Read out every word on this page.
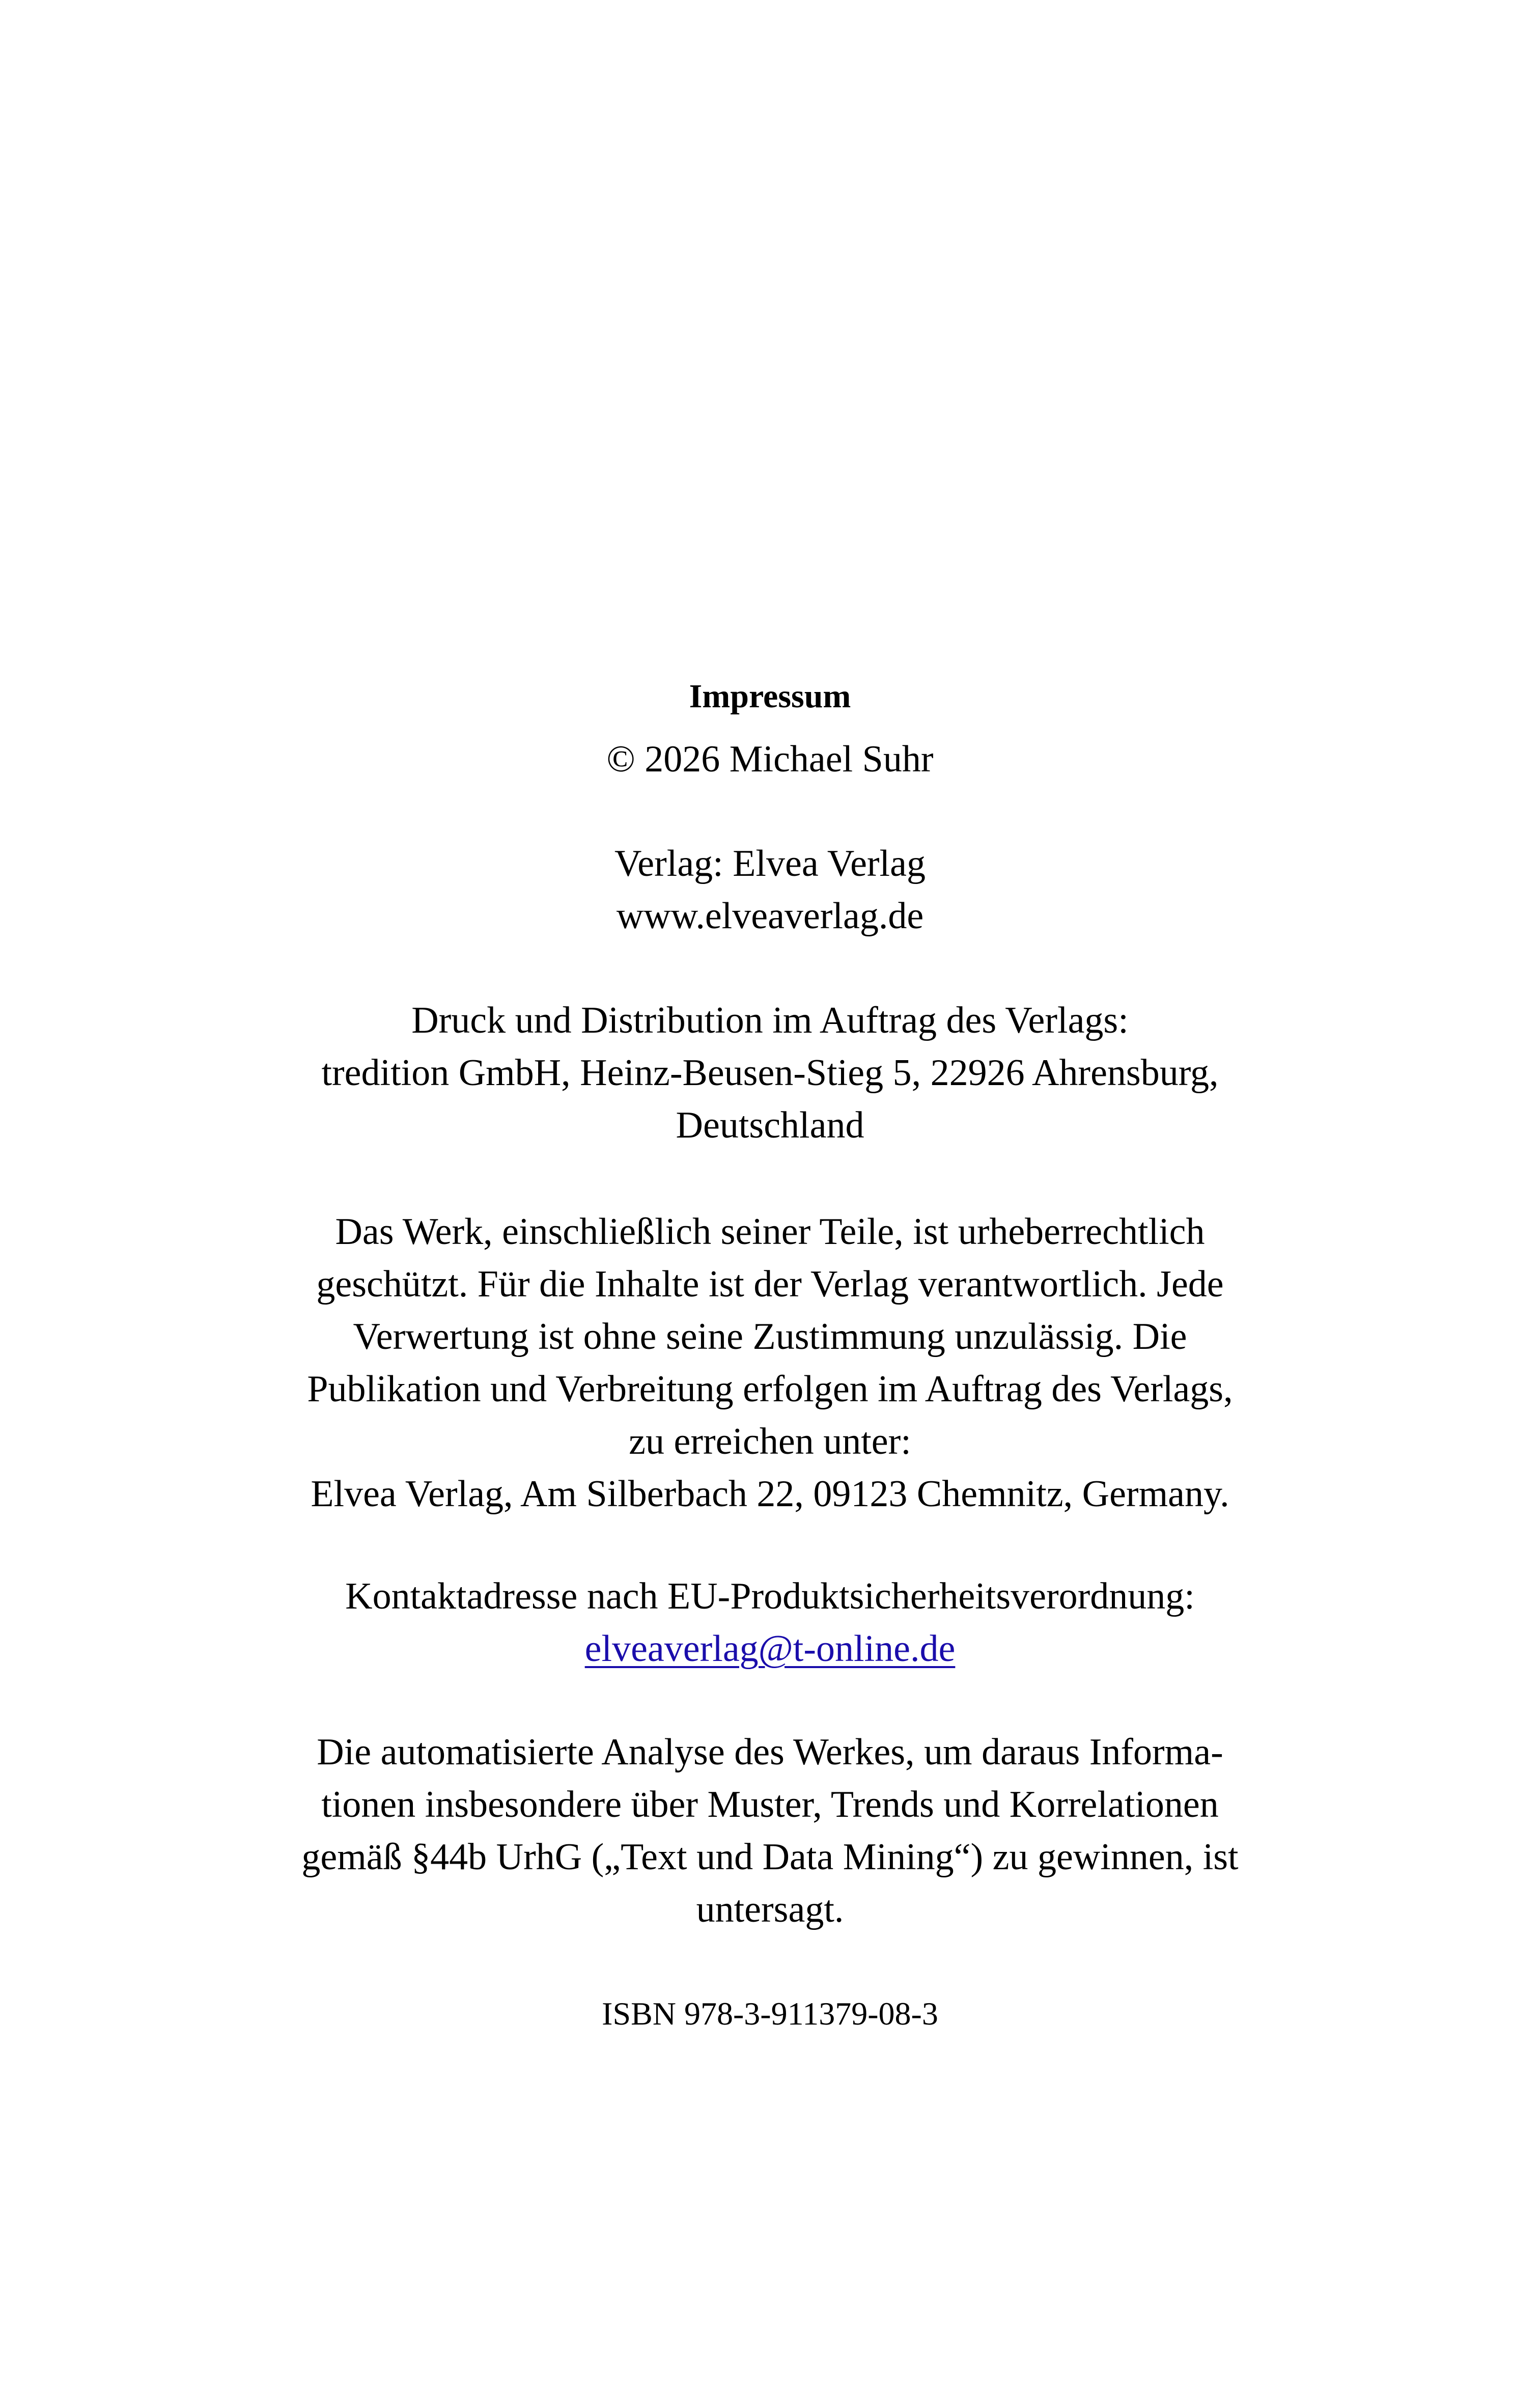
Impressum
© 2026 Michael Suhr
Verlag: Elvea Verlag
www.elveaverlag.de
Druck und Distribution im Auftrag des Verlags:
tredition GmbH, Heinz-Beusen-Stieg 5, 22926 Ahrensburg,
Deutschland
Das Werk, einschließlich seiner Teile, ist urheberrechtlich
geschützt. Für die Inhalte ist der Verlag verantwortlich. Jede
Verwertung ist ohne seine Zustimmung unzulässig. Die
Publikation und Verbreitung erfolgen im Auftrag des Verlags,
zu erreichen unter:
Elvea Verlag, Am Silberbach 22, 09123 Chemnitz, Germany.
Kontaktadresse nach EU-Produktsicherheitsverordnung:
elveaverlag@t-online.de
Die automatisierte Analyse des Werkes, um daraus Informa-
tionen insbesondere über Muster, Trends und Korrelationen
gemäß §44b UrhG („Text und Data Mining“) zu gewinnen, ist
untersagt.
ISBN 978-3-911379-08-3
